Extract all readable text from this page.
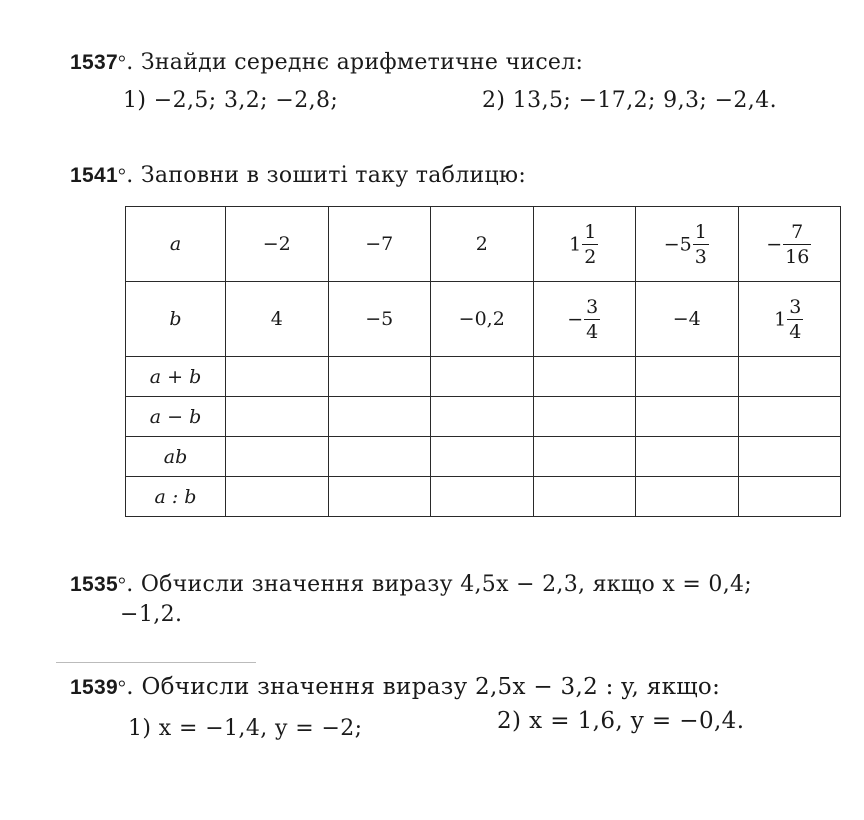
1537°. Знайди середнє арифметичне чисел:
1) −2,5; 3,2; −2,8;	2) 13,5; −17,2; 9,3; −2,4.
1541°. Заповни в зошиті таку таблицю:
a	−2	−7	2	$1 \frac{1}{2}$	$-5 \frac{1}{3}$	− $\frac{7}{16}$

b	4	−5	−0,2	− $\frac{3}{4}$	−4	$1 \frac{3}{4}$

a + b						
a − b						
ab						
a : b						
1535°. Обчисли значення виразу 4,5x − 2,3, якщо x = 0,4;
−1,2.
1539°. Обчисли значення виразу 2,5x − 3,2 : y, якщо:
1) x = −1,4, y = −2;	2) x = 1,6, y = −0,4.
